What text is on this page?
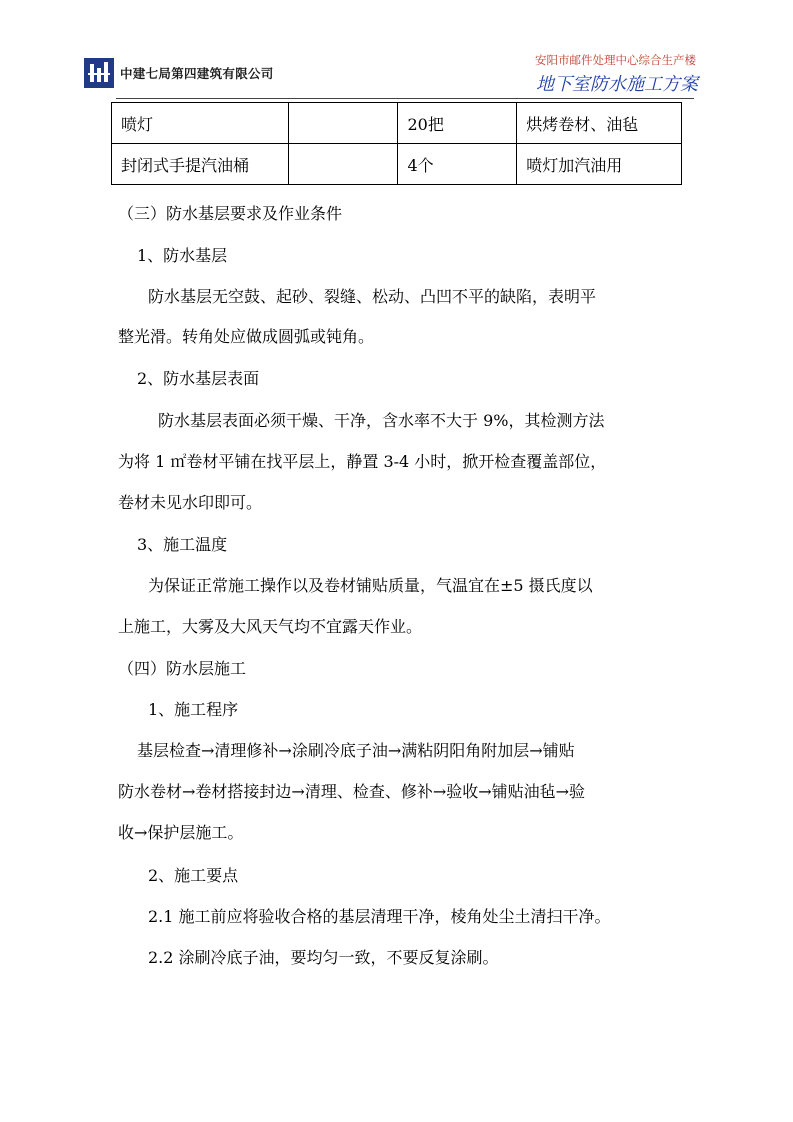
中建七局第四建筑有限公司
安阳市邮件处理中心综合生产楼
地下室防水施工方案
喷灯		20把	烘烤卷材、油毡
封闭式手提汽油桶		4个	喷灯加汽油用
（三）防水基层要求及作业条件
1、防水基层
防水基层无空鼓、起砂、裂缝、松动、凸凹不平的缺陷，表明平
整光滑。转角处应做成圆弧或钝角。
2、防水基层表面
防水基层表面必须干燥、干净，含水率不大于 9%，其检测方法
为将 1 ㎡卷材平铺在找平层上，静置 3-4 小时，掀开检查覆盖部位，
卷材未见水印即可。
3、施工温度
为保证正常施工操作以及卷材铺贴质量，气温宜在±5 摄氏度以
上施工，大雾及大风天气均不宜露天作业。
（四）防水层施工
1、施工程序
基层检查→清理修补→涂刷冷底子油→满粘阴阳角附加层→铺贴
防水卷材→卷材搭接封边→清理、检查、修补→验收→铺贴油毡→验
收→保护层施工。
2、施工要点
2.1 施工前应将验收合格的基层清理干净，棱角处尘土清扫干净。
2.2 涂刷冷底子油，要均匀一致，不要反复涂刷。
